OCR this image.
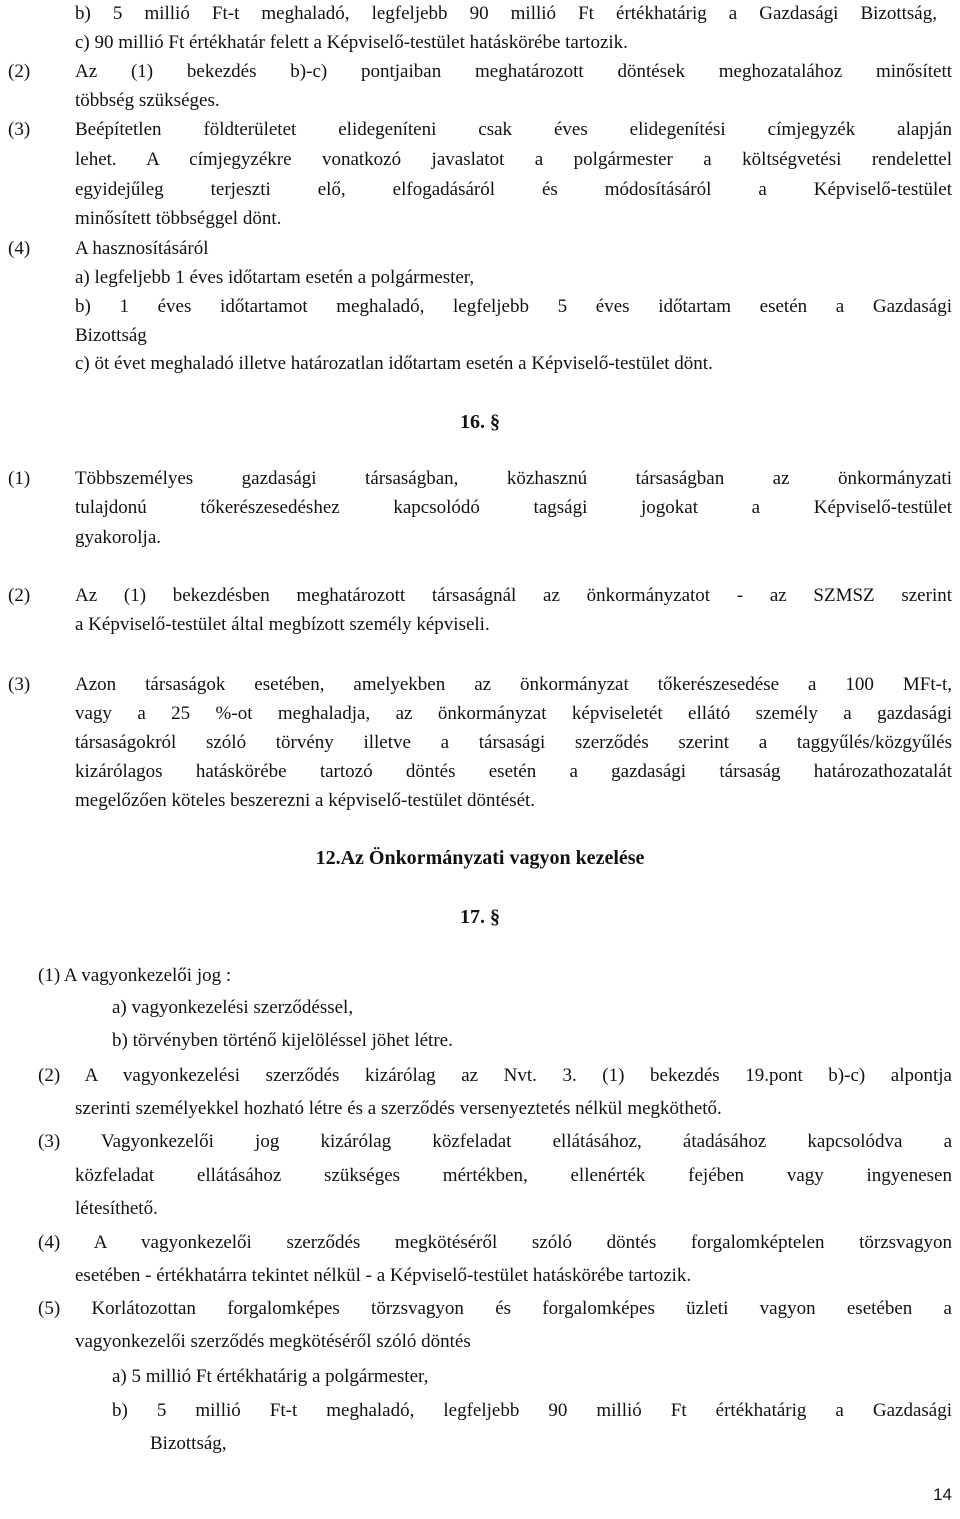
b) 5 millió Ft-t meghaladó, legfeljebb 90 millió Ft értékhatárig a Gazdasági Bizottság,
c) 90 millió Ft értékhatár felett a Képviselő-testület hatáskörébe tartozik.
(2) Az (1) bekezdés b)-c) pontjaiban meghatározott döntések meghozatalához minősített
többség szükséges.
(3) Beépítetlen földterületet elidegeníteni csak éves elidegenítési címjegyzék alapján
lehet. A címjegyzékre vonatkozó javaslatot a polgármester a költségvetési rendelettel
egyidejűleg terjeszti elő, elfogadásáról és módosításáról a Képviselő-testület
minősített többséggel dönt.
(4) A hasznosításáról
a) legfeljebb 1 éves időtartam esetén a polgármester,
b) 1 éves időtartamot meghaladó, legfeljebb 5 éves időtartam esetén a Gazdasági
Bizottság
c) öt évet meghaladó illetve határozatlan időtartam esetén a Képviselő-testület dönt.
16. §
(1) Többszemélyes gazdasági társaságban, közhasznú társaságban az önkormányzati
tulajdonú tőkerészesedéshez kapcsolódó tagsági jogokat a Képviselő-testület
gyakorolja.
(2) Az (1) bekezdésben meghatározott társaságnál az önkormányzatot - az SZMSZ szerint
a Képviselő-testület által megbízott személy képviseli.
(3) Azon társaságok esetében, amelyekben az önkormányzat tőkerészesedése a 100 MFt-t,
vagy a 25 %-ot meghaladja, az önkormányzat képviseletét ellátó személy a gazdasági
társaságokról szóló törvény illetve a társasági szerződés szerint a taggyűlés/közgyűlés
kizárólagos hatáskörébe tartozó döntés esetén a gazdasági társaság határozathozatalát
megelőzően köteles beszerezni a képviselő-testület döntését.
12.Az Önkormányzati vagyon kezelése
17. §
(1) A vagyonkezelői jog :
a) vagyonkezelési szerződéssel,
b) törvényben történő kijelöléssel jöhet létre.
(2) A vagyonkezelési szerződés kizárólag az Nvt. 3. (1) bekezdés 19.pont b)-c) alpontja
szerinti személyekkel hozható létre és a szerződés versenyeztetés nélkül megköthető.
(3) Vagyonkezelői jog kizárólag közfeladat ellátásához, átadásához kapcsolódva a
közfeladat ellátásához szükséges mértékben, ellenérték fejében vagy ingyenesen
létesíthető.
(4) A vagyonkezelői szerződés megkötéséről szóló döntés forgalomképtelen törzsvagyon
esetében - értékhatárra tekintet nélkül - a Képviselő-testület hatáskörébe tartozik.
(5) Korlátozottan forgalomképes törzsvagyon és forgalomképes üzleti vagyon esetében a
vagyonkezelői szerződés megkötéséről szóló döntés
a) 5 millió Ft értékhatárig a polgármester,
b) 5 millió Ft-t meghaladó, legfeljebb 90 millió Ft értékhatárig a Gazdasági
Bizottság,
14
